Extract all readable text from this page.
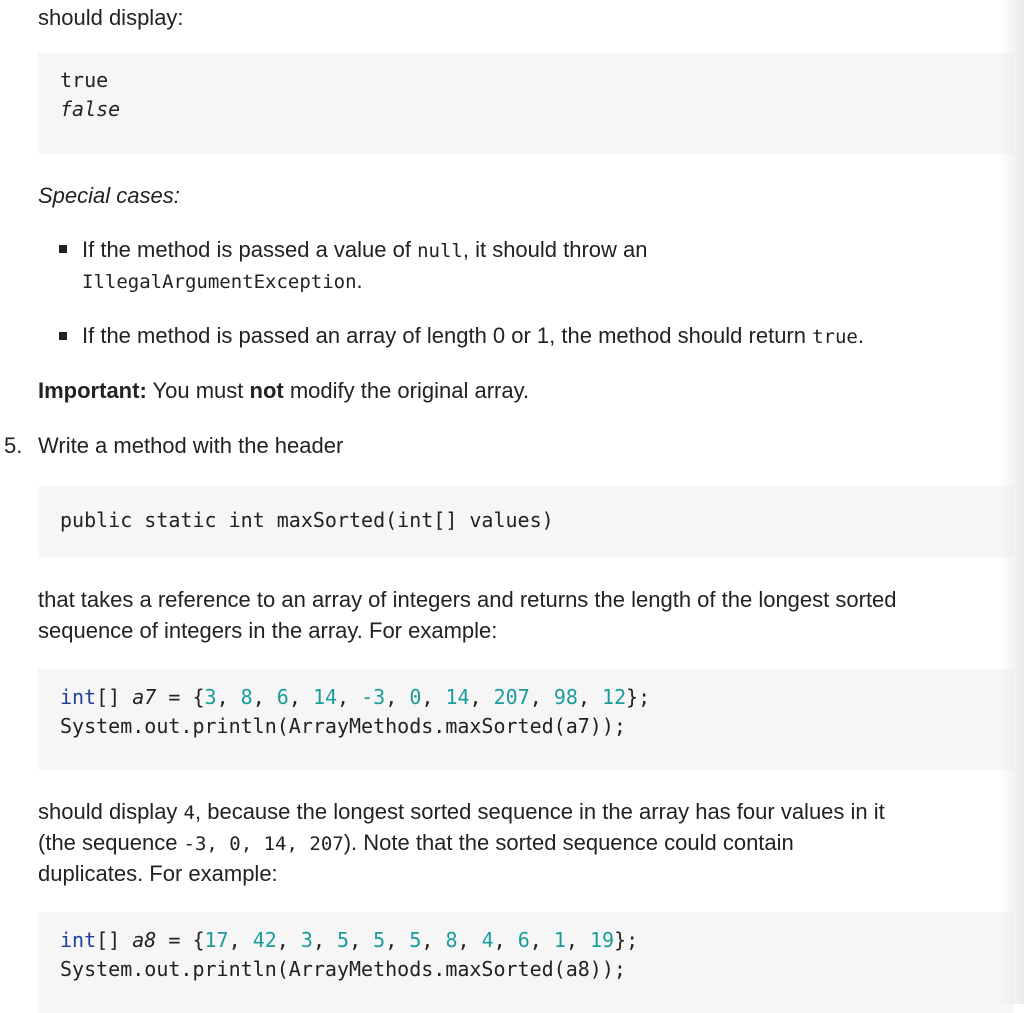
should display:

true
false

Special cases:

If the method is passed a value of null, it should throw an

IllegalArgumentException.

If the method is passed an array of length 0 or 1, the method should return true.

Important: You must not modify the original array.

5. Write a method with the header

public static int maxSorted(int[] values)

that takes a reference to an array of integers and returns the length of the longest sorted

sequence of integers in the array. For example:

int[] a7 = {3, 8, 6, 14, -3, 0, 14, 207, 98, 12};
System.out.println(ArrayMethods.maxSorted(a7));

should display 4, because the longest sorted sequence in the array has four values in it

(the sequence -3, 0, 14, 207). Note that the sorted sequence could contain

duplicates. For example:

int[] a8 = {17, 42, 3, 5, 5, 5, 8, 4, 6, 1, 19};
System.out.println(ArrayMethods.maxSorted(a8));
